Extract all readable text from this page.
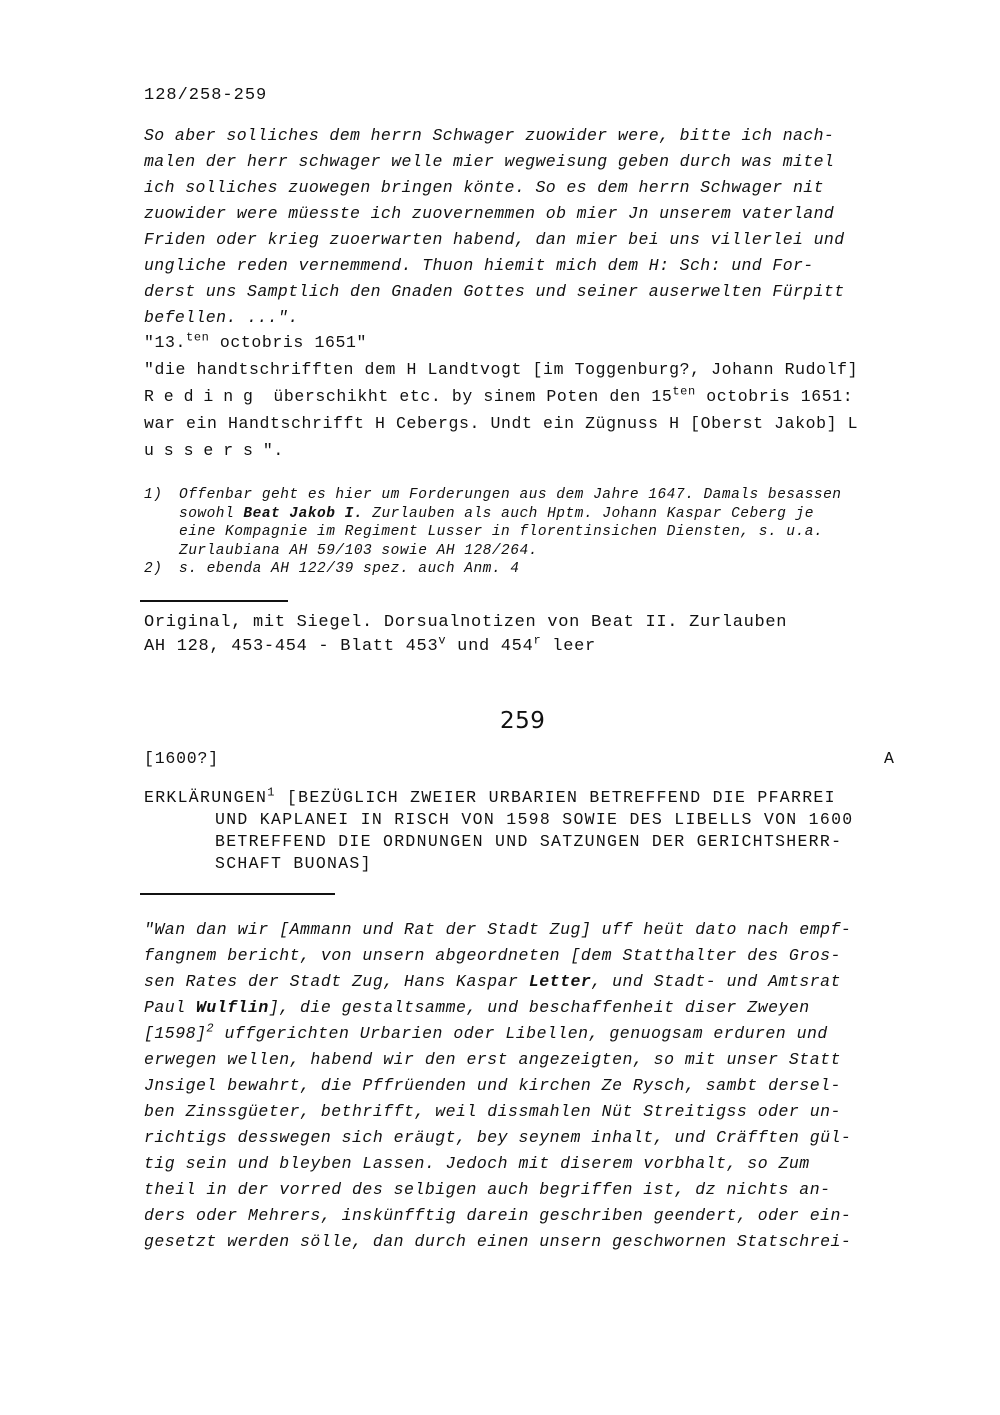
128/258-259
So aber solliches dem herrn Schwager zuowider were, bitte ich nach-
malen der herr schwager welle mier wegweisung geben durch was mitel
ich solliches zuowegen bringen könte. So es dem herrn Schwager nit
zuowider were müesste ich zuovernemmen ob mier Jn unserem vaterland
Friden oder krieg zuoerwarten habend, dan mier bei uns villerlei und
ungliche reden vernemmend. Thuon hiemit mich dem H: Sch: und For-
derst uns Samptlich den Gnaden Gottes und seiner auserwelten Fürpitt
befellen. ...".
"13.$^{ten}$ octobris 1651"
"die handtschrifften dem H Landtvogt [im Toggenburg?, Johann Rudolf]
Reding überschikht etc. by sinem Poten den $15^{ten}$ octobris 1651:
war ein Handtschrifft H Cebergs. Undt ein Zügnuss H [Oberst Jakob] L
ussers".
1) Offenbar geht es hier um Forderungen aus dem Jahre 1647. Damals besassen
sowohl Beat Jakob I. Zurlauben als auch Hptm. Johann Kaspar Ceberg je
eine Kompagnie im Regiment Lusser in florentinsichen Diensten, s. u.a.
Zurlaubiana AH 59/103 sowie AH 128/264.
2) s. ebenda AH 122/39 spez. auch Anm. 4
Original, mit Siegel. Dorsualnotizen von Beat II. Zurlauben
AH 128, 453-454 - Blatt 453$^v$ und 454$^r$ leer
259
[1600?]	A
ERKLÄRUNGEN$^1$ [BEZÜGLICH ZWEIER URBARIEN BETREFFEND DIE PFARREI
UND KAPLANEI IN RISCH VON 1598 SOWIE DES LIBELLS VON 1600
BETREFFEND DIE ORDNUNGEN UND SATZUNGEN DER GERICHTSHERR-
SCHAFT BUONAS]
"Wan dan wir [Ammann und Rat der Stadt Zug] uff heüt dato nach empf-
fangnem bericht, von unsern abgeordneten [dem Statthalter des Gros-
sen Rates der Stadt Zug, Hans Kaspar Letter, und Stadt- und Amtsrat
Paul Wulflin], die gestaltsamme, und beschaffenheit diser Zweyen
$[1598]^2$ uffgerichten Urbarien oder Libellen, genuogsam erduren und
erwegen wellen, habend wir den erst angezeigten, so mit unser Statt
Jnsigel bewahrt, die Pffrüenden und kirchen Ze Rysch, sambt dersel-
ben Zinssgüeter, bethrifft, weil dissmahlen Nüt Streitigss oder un-
richtigs desswegen sich eräugt, bey seynem inhalt, und Cräfften gül-
tig sein und bleyben Lassen. Jedoch mit diserem vorbhalt, so Zum
theil in der vorred des selbigen auch begriffen ist, dz nichts an-
ders oder Mehrers, inskünfftig darein geschriben geendert, oder ein-
gesetzt werden sölle, dan durch einen unsern geschwornen Statschrei-
